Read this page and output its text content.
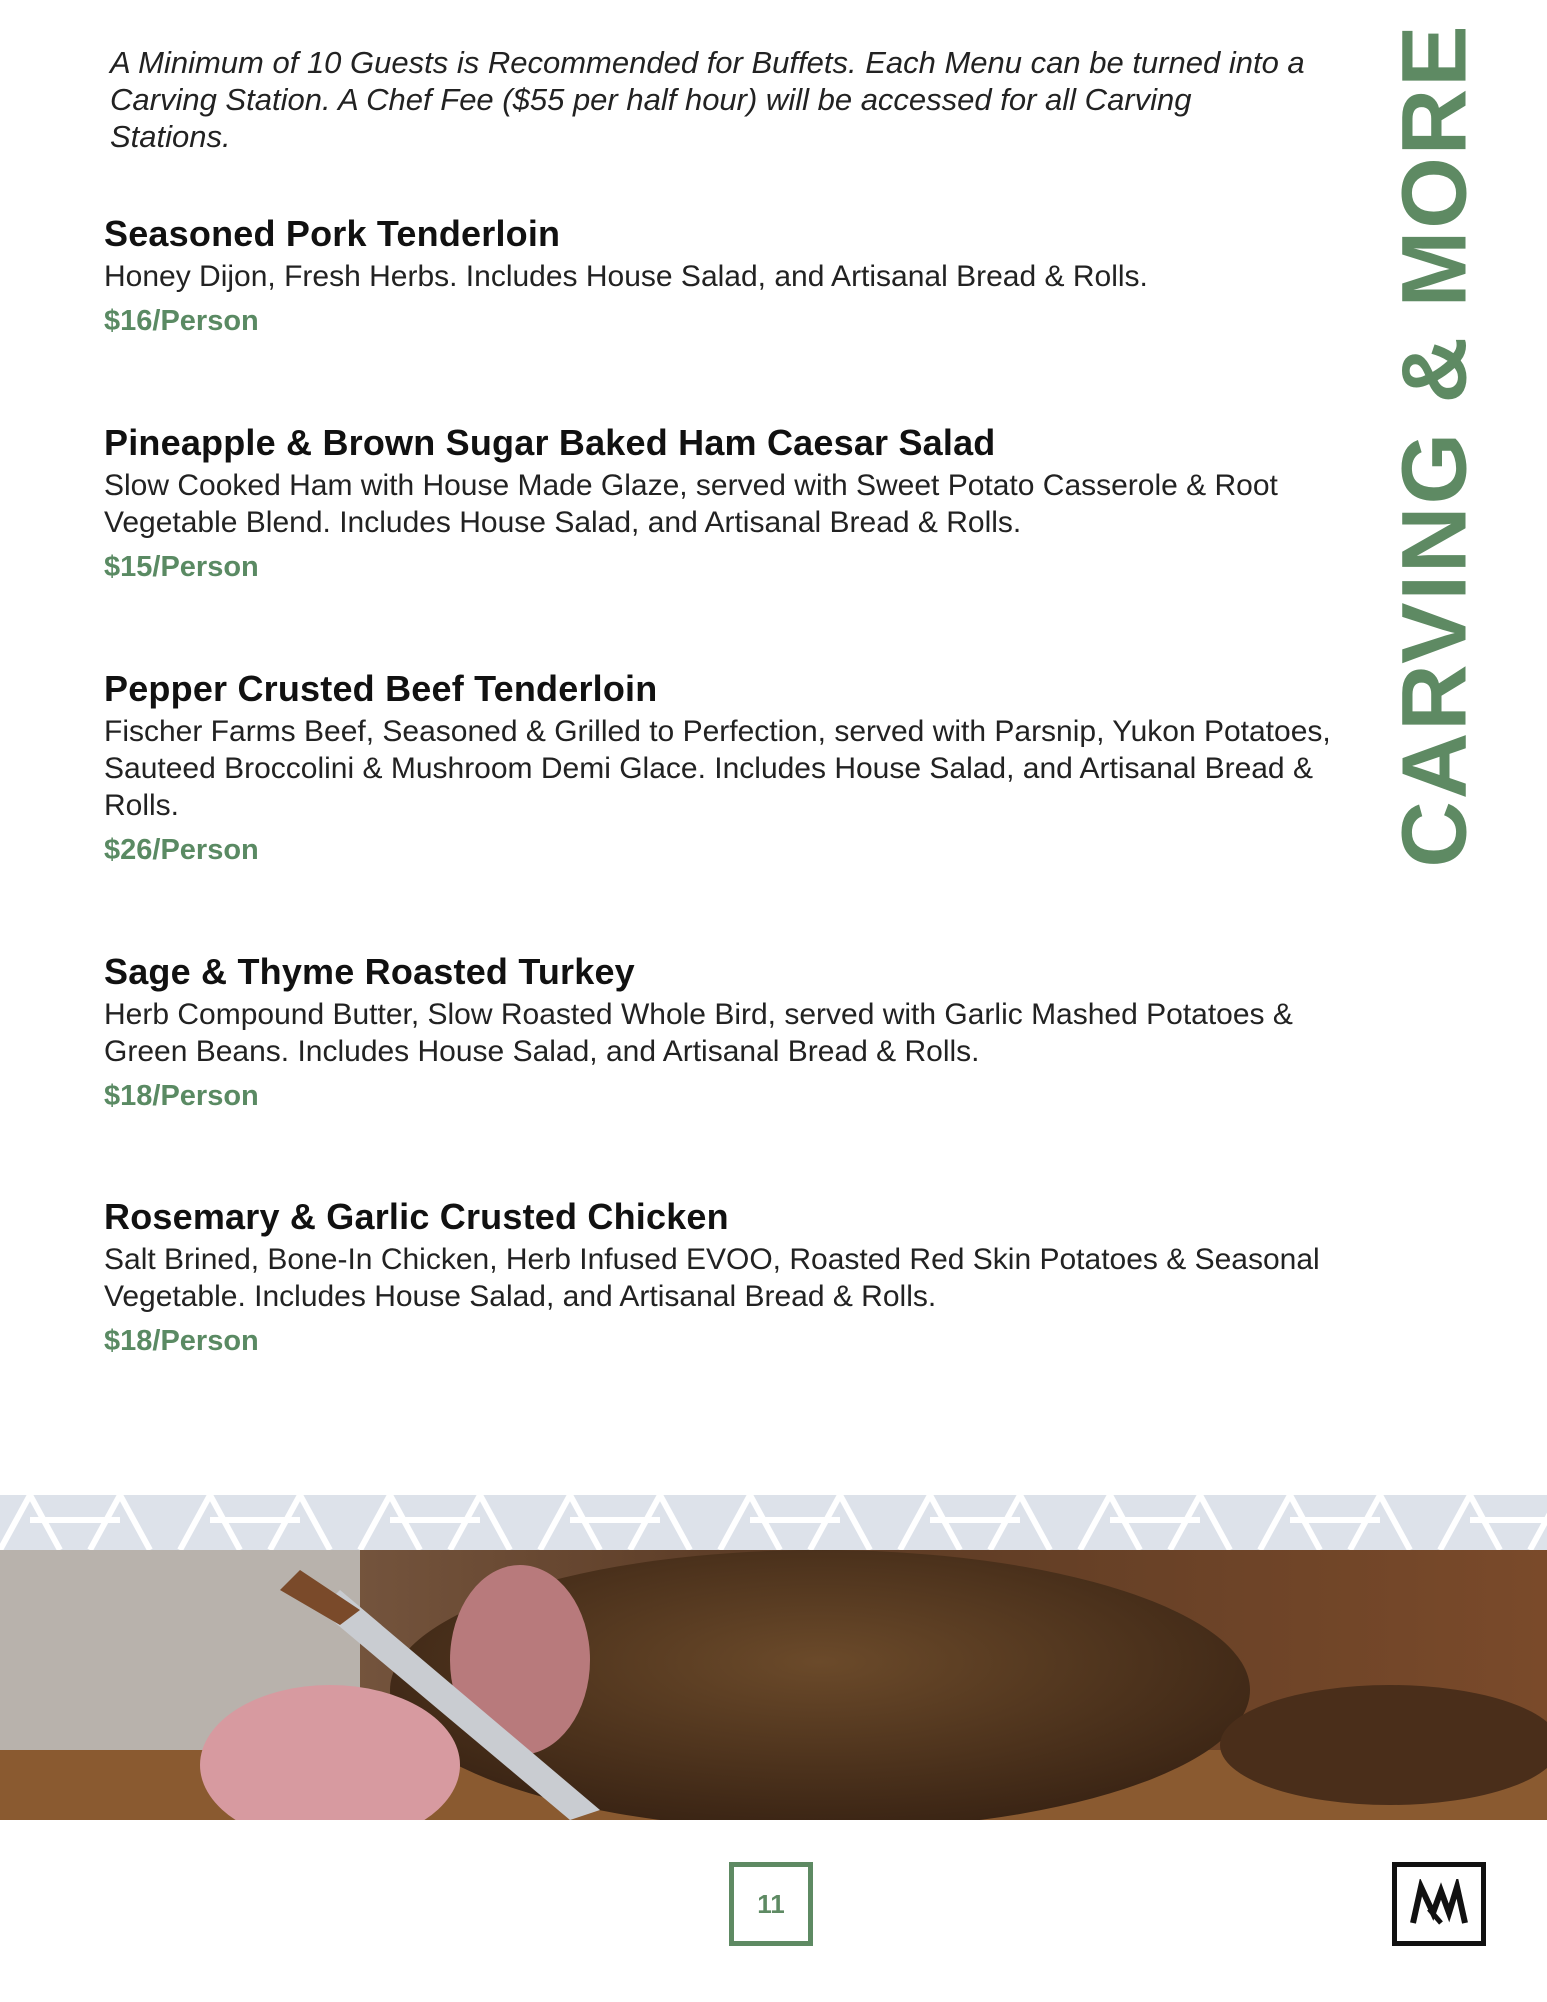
A Minimum of 10 Guests is Recommended for Buffets. Each Menu can be turned into a Carving Station. A Chef Fee ($55 per half hour) will be accessed for all Carving Stations.
Seasoned Pork Tenderloin
Honey Dijon, Fresh Herbs. Includes House Salad, and Artisanal Bread & Rolls.
$16/Person
Pineapple & Brown Sugar Baked Ham Caesar Salad
Slow Cooked Ham with House Made Glaze, served with Sweet Potato Casserole & Root Vegetable Blend. Includes House Salad, and Artisanal Bread & Rolls.
$15/Person
Pepper Crusted Beef Tenderloin
Fischer Farms Beef, Seasoned & Grilled to Perfection, served with Parsnip, Yukon Potatoes, Sauteed Broccolini & Mushroom Demi Glace. Includes House Salad, and Artisanal Bread & Rolls.
$26/Person
Sage & Thyme Roasted Turkey
Herb Compound Butter, Slow Roasted Whole Bird, served with Garlic Mashed Potatoes & Green Beans. Includes House Salad, and Artisanal Bread & Rolls.
$18/Person
Rosemary & Garlic Crusted Chicken
Salt Brined, Bone-In Chicken, Herb Infused EVOO, Roasted Red Skin Potatoes & Seasonal Vegetable. Includes House Salad, and Artisanal Bread & Rolls.
$18/Person
CARVING & MORE
11
